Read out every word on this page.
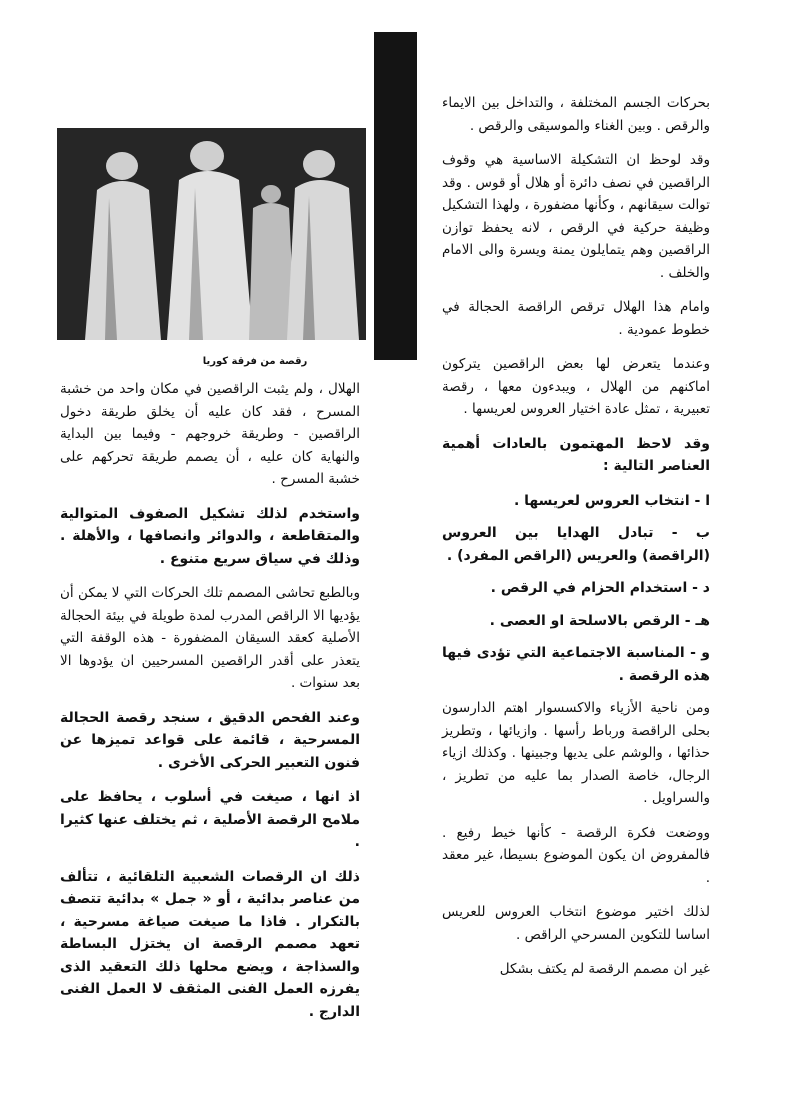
رقصة من فرقة كوريا

بحركات الجسم المختلفة ، والتداخل بين الايماء والرقص . وبين الغناء والموسيقى والرقص .

وقد لوحظ ان التشكيلة الاساسية هي وقوف الراقصين في نصف دائرة أو هلال أو قوس . وقد توالت سيقانهم ، وكأنها مضفورة ، ولهذا التشكيل وظيفة حركية في الرقص ، لانه يحفظ توازن الراقصين وهم يتمايلون يمنة ويسرة والى الامام والخلف .

وامام هذا الهلال ترقص الراقصة الحجالة في خطوط عمودية .

وعندما يتعرض لها بعض الراقصين يتركون اماكنهم من الهلال ، ويبدءون معها ، رقصة تعبيرية ، تمثل عادة اختيار العروس لعريسها .

وقد لاحظ المهتمون بالعادات أهمية العناصر التالية :

ا - انتخاب العروس لعريسها .

ب - تبادل الهدايا بين العروس (الراقصة) والعريس (الراقص المفرد) .

د - استخدام الحزام في الرقص .

هـ - الرقص بالاسلحة او العصى .

و - المناسبة الاجتماعية التي تؤدى فيها هذه الرقصة .

ومن ناحية الأزياء والاكسسوار اهتم الدارسون بحلى الراقصة ورباط رأسها . وازيائها ، وتطريز حذائها ، والوشم على يديها وجبينها . وكذلك ازياء الرجال، خاصة الصدار بما عليه من تطريز ، والسراويل .

ووضعت فكرة الرقصة - كأنها خيط رفيع . فالمفروض ان يكون الموضوع بسيطا، غير معقد .

لذلك اختير موضوع انتخاب العروس للعريس اساسا للتكوين المسرحي الراقص .

غير ان مصمم الرقصة لم يكتف بشكل

الهلال ، ولم يثبت الراقصين في مكان واحد من خشبة المسرح ، فقد كان عليه أن يخلق طريقة دخول الراقصين - وطريقة خروجهم - وفيما بين البداية والنهاية كان عليه ، أن يصمم طريقة تحركهم على خشبة المسرح .

واستخدم لذلك تشكيل الصفوف المتوالية والمتقاطعة ، والدوائر وانصافها ، والأهلة . وذلك في سياق سريع متنوع .

وبالطبع تحاشى المصمم تلك الحركات التي لا يمكن أن يؤديها الا الراقص المدرب لمدة طويلة في بيئة الحجالة الأصلية كعقد السيقان المضفورة - هذه الوقفة التي يتعذر على أقدر الراقصين المسرحيين ان يؤدوها الا بعد سنوات .

وعند الفحص الدقيق ، سنجد رقصة الحجالة المسرحية ، قائمة على قواعد تميزها عن فنون التعبير الحركى الأخرى .

اذ انها ، صيغت في أسلوب ، يحافظ على ملامح الرقصة الأصلية ، ثم يختلف عنها كثيرا .

ذلك ان الرقصات الشعبية التلقائية ، تتألف من عناصر بدائية ، أو « جمل » بدائية تتصف بالتكرار . فاذا ما صيغت صياغة مسرحية ، تعهد مصمم الرقصة ان يختزل البساطة والسذاجة ، ويضع محلها ذلك التعقيد الذى يفرزه العمل الفنى المثقف لا العمل الفنى الدارج .
